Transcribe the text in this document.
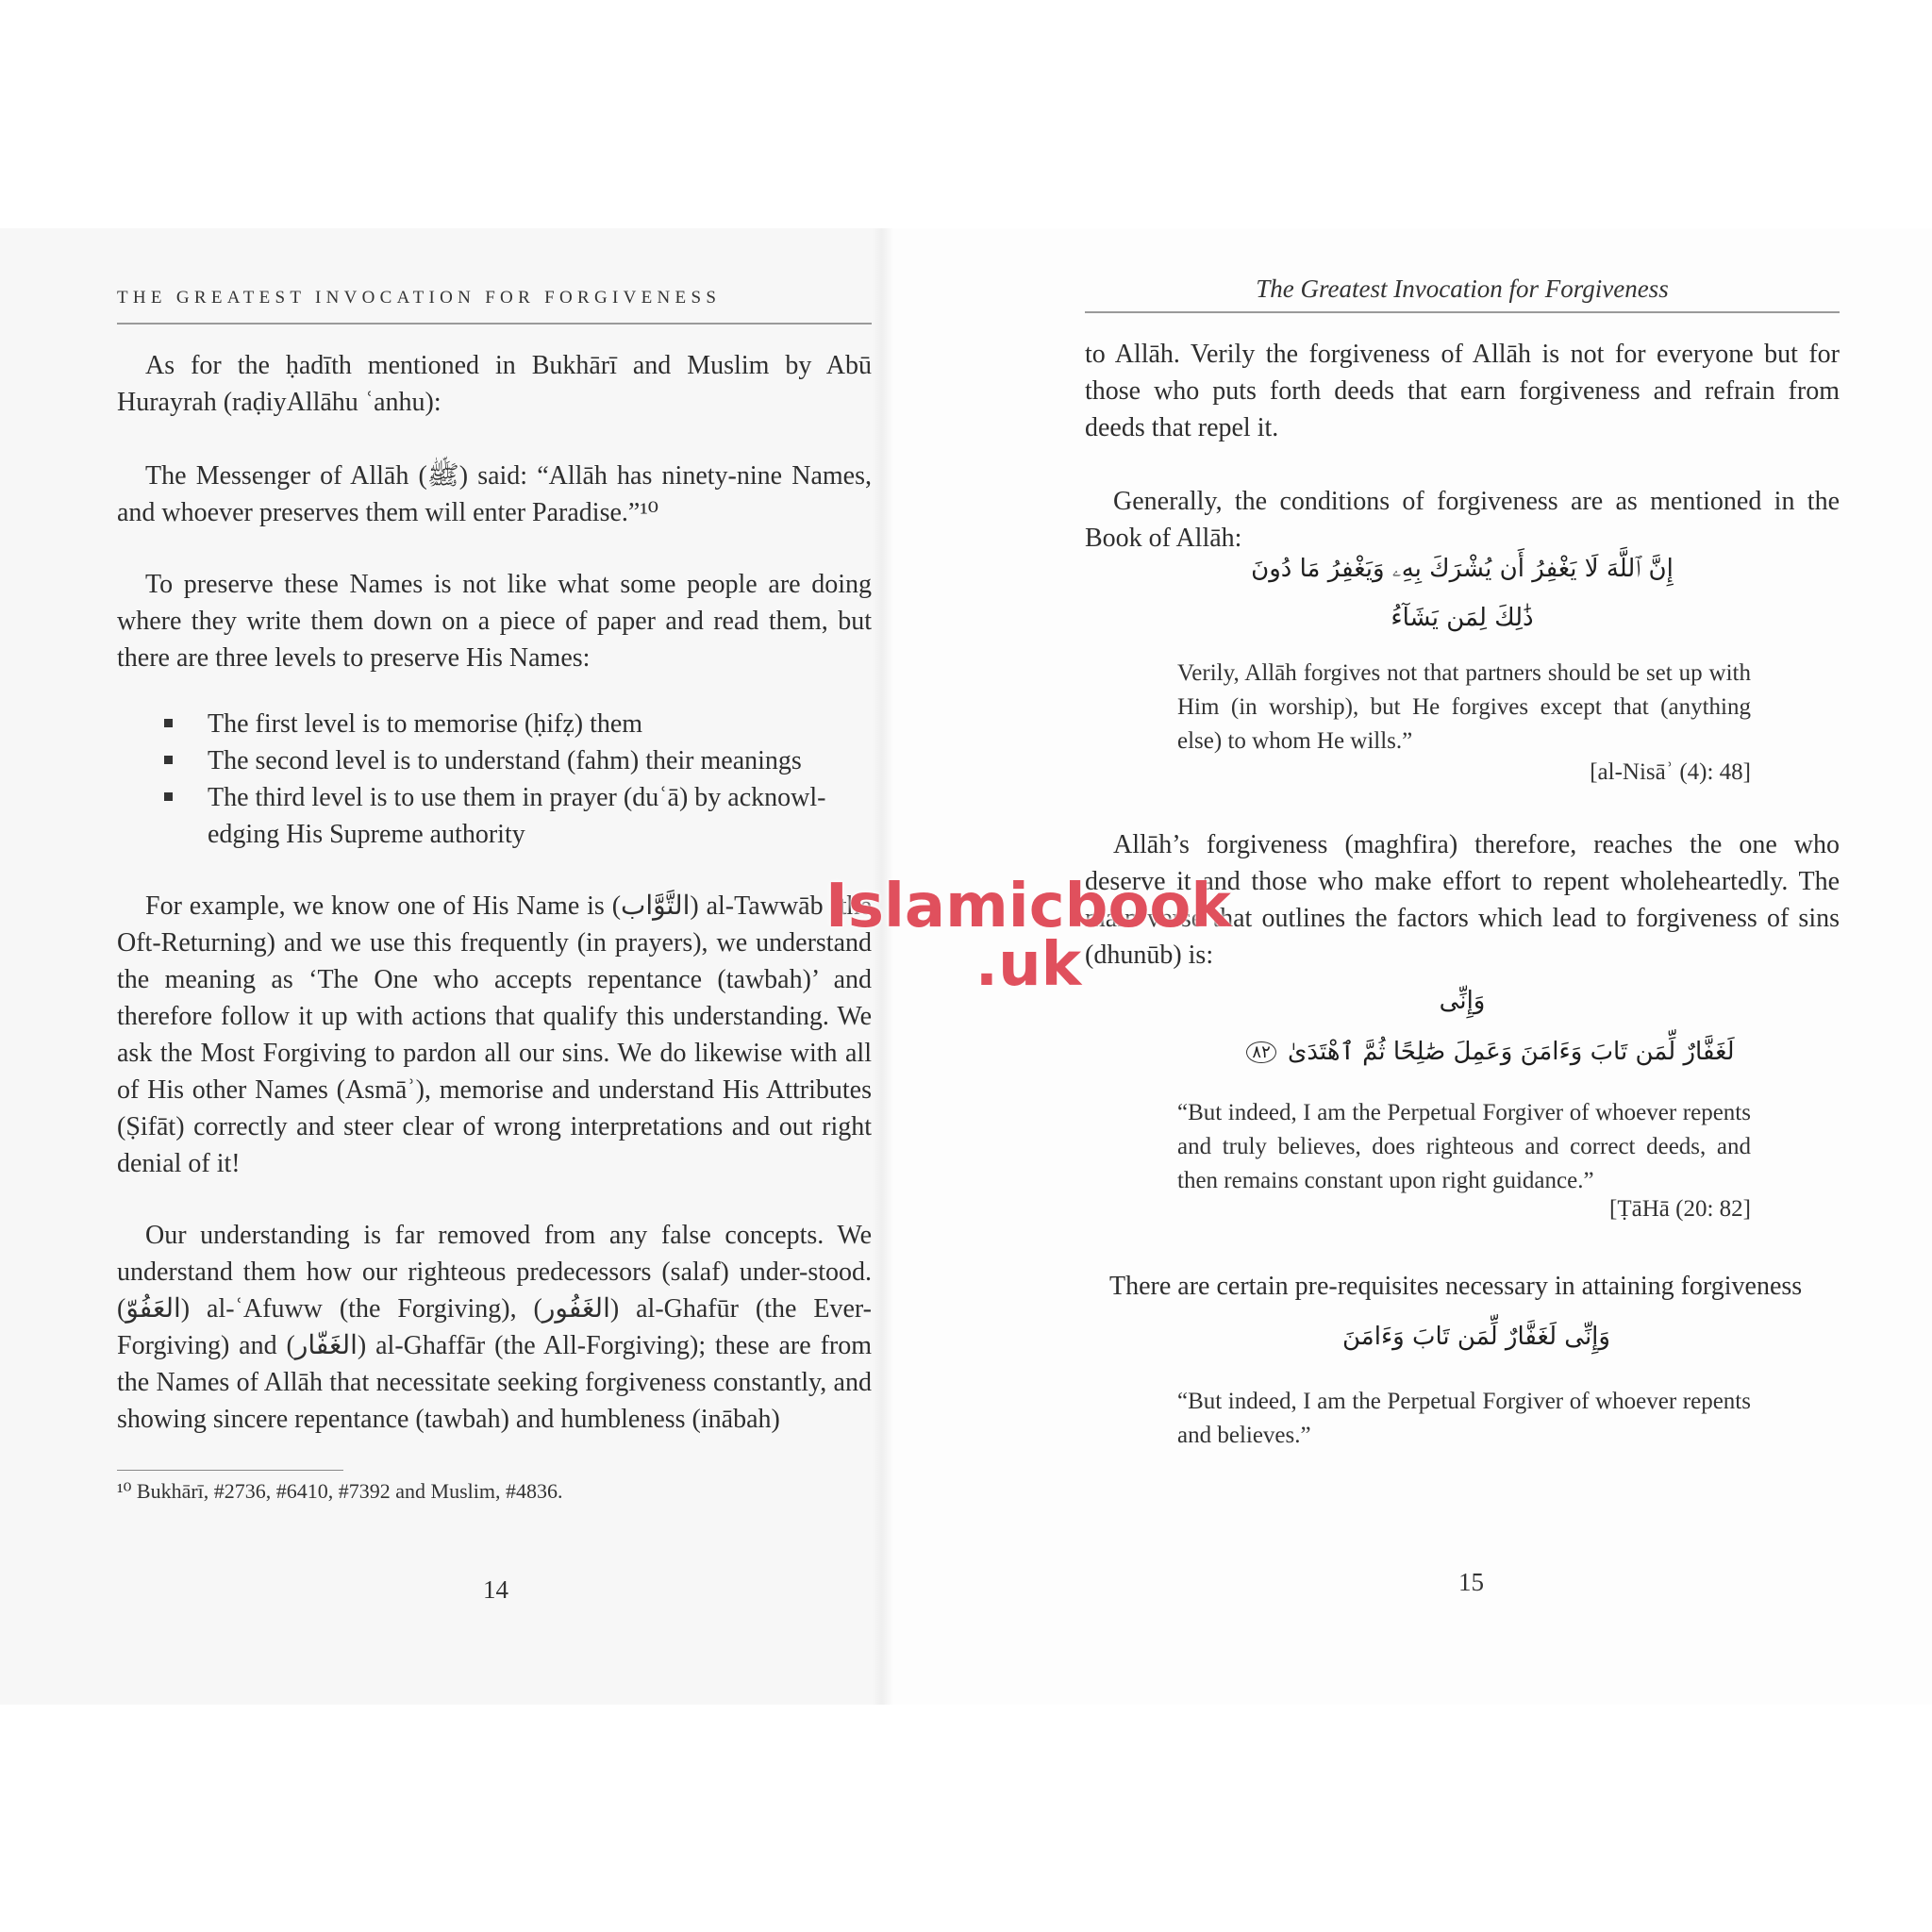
THE GREATEST INVOCATION FOR FORGIVENESS
As for the ḥadīth mentioned in Bukhārī and Muslim by Abū Hurayrah (raḍiyAllāhu ʿanhu):
The Messenger of Allāh (ﷺ) said: “Allāh has ninety-nine Names, and whoever preserves them will enter Paradise.”¹⁰
To preserve these Names is not like what some people are doing where they write them down on a piece of paper and read them, but there are three levels to preserve His Names:
The first level is to memorise (ḥifẓ) them
The second level is to understand (fahm) their meanings
The third level is to use them in prayer (duʿā) by acknowl-edging His Supreme authority
For example, we know one of His Name is (التَّوَّاب) al-Tawwāb (the Oft-Returning) and we use this frequently (in prayers), we understand the meaning as ‘The One who accepts repentance (tawbah)’ and therefore follow it up with actions that qualify this understanding. We ask the Most Forgiving to pardon all our sins. We do likewise with all of His other Names (Asmāʾ), memorise and understand His Attributes (Ṣifāt) correctly and steer clear of wrong interpretations and out right denial of it!
Our understanding is far removed from any false concepts. We understand them how our righteous predecessors (salaf) under-stood. (العَفُوّ) al-ʿAfuww (the Forgiving), (الغَفُور) al-Ghafūr (the Ever-Forgiving) and (الغَفّار) al-Ghaffār (the All-Forgiving); these are from the Names of Allāh that necessitate seeking forgiveness constantly, and showing sincere repentance (tawbah) and humbleness (inābah)
¹⁰ Bukhārī, #2736, #6410, #7392 and Muslim, #4836.
14
The Greatest Invocation for Forgiveness
to Allāh. Verily the forgiveness of Allāh is not for everyone but for those who puts forth deeds that earn forgiveness and refrain from deeds that repel it.
Generally, the conditions of forgiveness are as mentioned in the Book of Allāh:
إِنَّ ٱللَّهَ لَا يَغْفِرُ أَن يُشْرَكَ بِهِۦ وَيَغْفِرُ مَا دُونَ
ذَٰلِكَ لِمَن يَشَآءُ
Verily, Allāh forgives not that partners should be set up with Him (in worship), but He forgives except that (anything else) to whom He wills.”
[al-Nisāʾ (4): 48]
Allāh’s forgiveness (maghfira) therefore, reaches the one who deserve it and those who make effort to repent wholeheartedly. The main verse that outlines the factors which lead to forgiveness of sins (dhunūb) is:
وَإِنِّى
لَغَفَّارٌ لِّمَن تَابَ وَءَامَنَ وَعَمِلَ صَٰلِحًا ثُمَّ ٱهْتَدَىٰ ٨٢
“But indeed, I am the Perpetual Forgiver of whoever repents and truly believes, does righteous and correct deeds, and then remains constant upon right guidance.”
[ṬāHā (20: 82]
There are certain pre-requisites necessary in attaining forgiveness
وَإِنِّى لَغَفَّارٌ لِّمَن تَابَ وَءَامَنَ
“But indeed, I am the Perpetual Forgiver of whoever repents and believes.”
15
Islamicbook
.uk
